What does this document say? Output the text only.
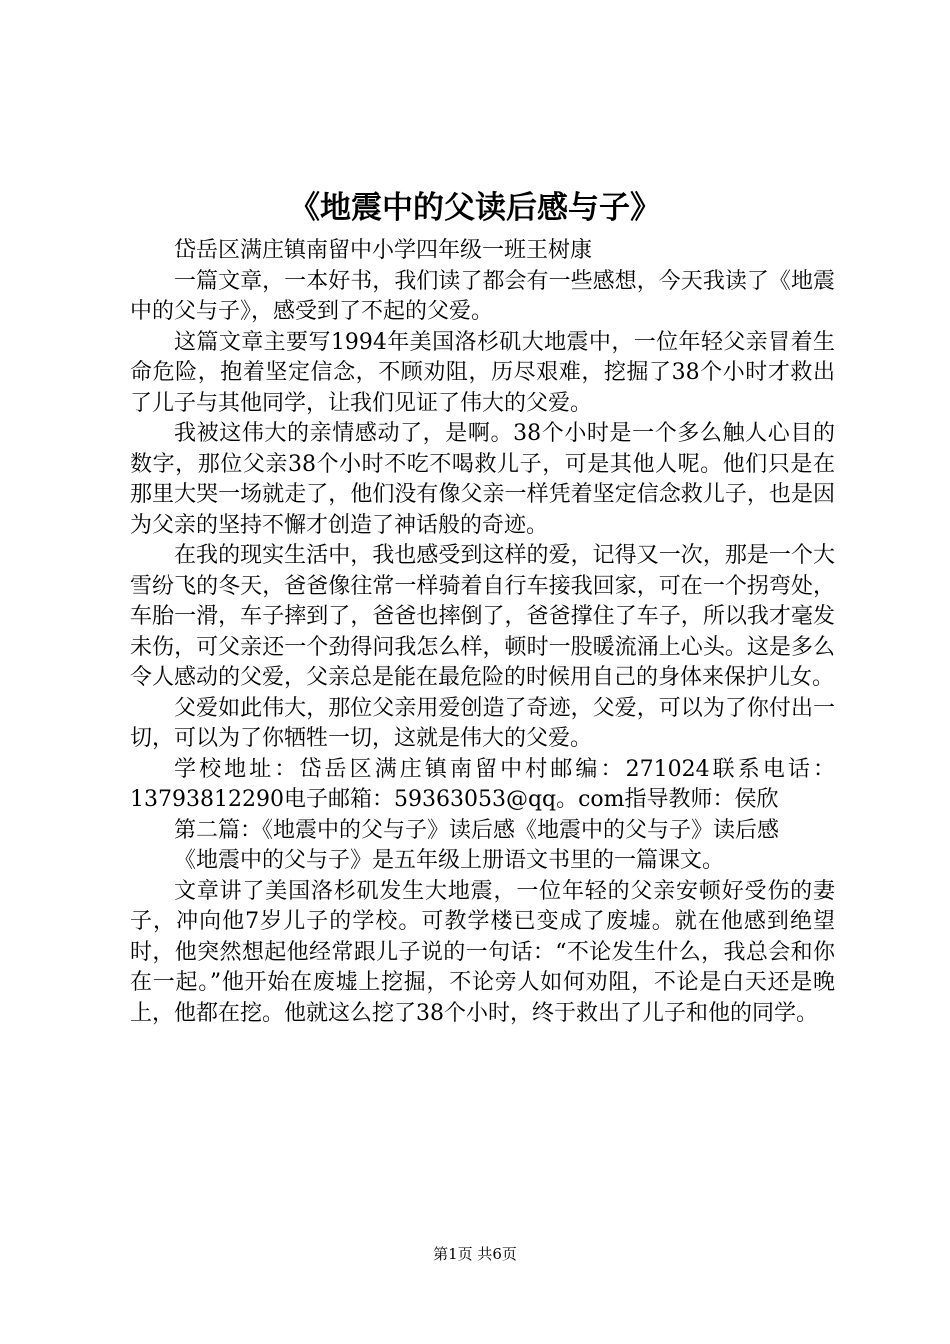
《地震中的父读后感与子》

岱岳区满庄镇南留中小学四年级一班王树康

一篇文章，一本好书，我们读了都会有一些感想，今天我读了《地震中的父与子》，感受到了不起的父爱。

这篇文章主要写1994年美国洛杉矶大地震中，一位年轻父亲冒着生命危险，抱着坚定信念，不顾劝阻，历尽艰难，挖掘了38个小时才救出了儿子与其他同学，让我们见证了伟大的父爱。

我被这伟大的亲情感动了，是啊。38个小时是一个多么触人心目的数字，那位父亲38个小时不吃不喝救儿子，可是其他人呢。他们只是在那里大哭一场就走了，他们没有像父亲一样凭着坚定信念救儿子，也是因为父亲的坚持不懈才创造了神话般的奇迹。

在我的现实生活中，我也感受到这样的爱，记得又一次，那是一个大雪纷飞的冬天，爸爸像往常一样骑着自行车接我回家，可在一个拐弯处，车胎一滑，车子摔到了，爸爸也摔倒了，爸爸撑住了车子，所以我才毫发未伤，可父亲还一个劲得问我怎么样，顿时一股暖流涌上心头。这是多么令人感动的父爱，父亲总是能在最危险的时候用自己的身体来保护儿女。

父爱如此伟大，那位父亲用爱创造了奇迹，父爱，可以为了你付出一切，可以为了你牺牲一切，这就是伟大的父爱。

学校地址：岱岳区满庄镇南留中村邮编：271024联系电话：13793812290电子邮箱：59363053@qq。com指导教师：侯欣

第二篇：《地震中的父与子》读后感《地震中的父与子》读后感

《地震中的父与子》是五年级上册语文书里的一篇课文。

文章讲了美国洛杉矶发生大地震，一位年轻的父亲安顿好受伤的妻子，冲向他7岁儿子的学校。可教学楼已变成了废墟。就在他感到绝望时，他突然想起他经常跟儿子说的一句话：“不论发生什么，我总会和你在一起。”他开始在废墟上挖掘，不论旁人如何劝阻，不论是白天还是晚上，他都在挖。他就这么挖了38个小时，终于救出了儿子和他的同学。

第1页 共6页
